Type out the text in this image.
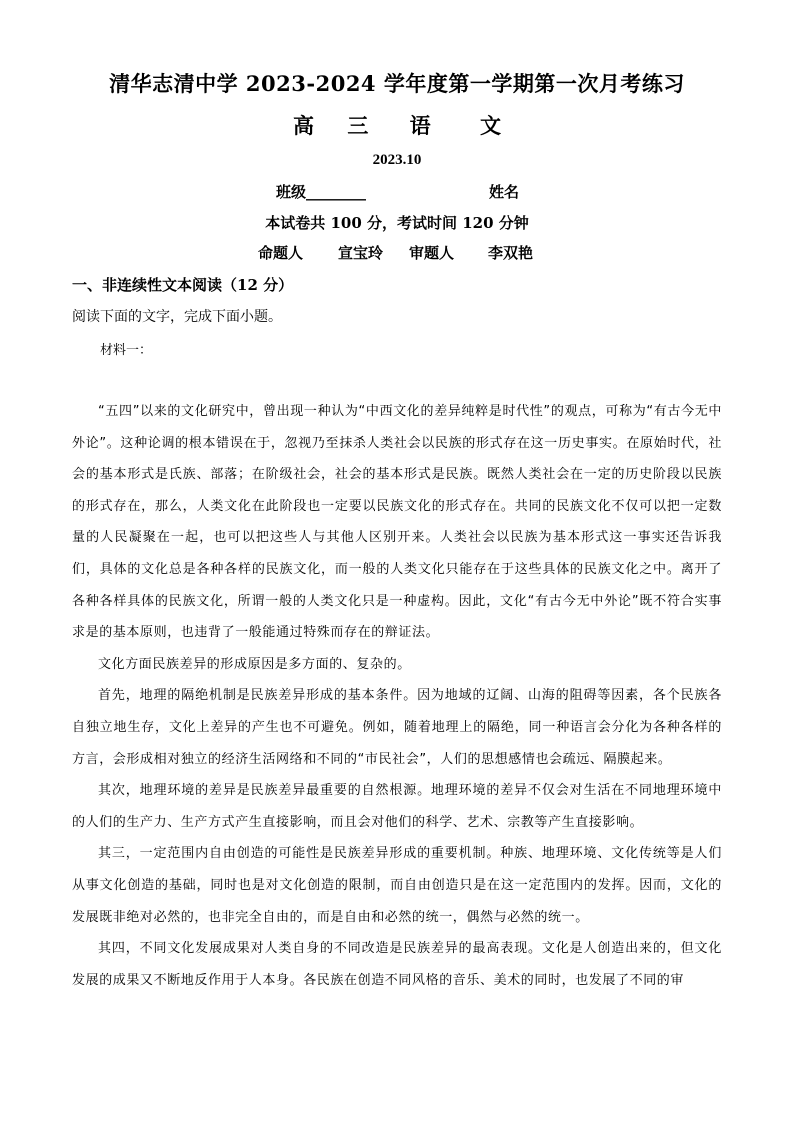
清华志清中学 2023-2024 学年度第一学期第一次月考练习
高 三 语 文
2023.10
班级________	姓名
本试卷共 100 分，考试时间 120 分钟
命题人 宣宝玲 审题人 李双艳
一、非连续性文本阅读（12 分）
阅读下面的文字，完成下面小题。
材料一：

“五四”以来的文化研究中，曾出现一种认为“中西文化的差异纯粹是时代性”的观点，可称为“有古今无中外论”。这种论调的根本错误在于，忽视乃至抹杀人类社会以民族的形式存在这一历史事实。在原始时代，社会的基本形式是氏族、部落；在阶级社会，社会的基本形式是民族。既然人类社会在一定的历史阶段以民族的形式存在，那么，人类文化在此阶段也一定要以民族文化的形式存在。共同的民族文化不仅可以把一定数量的人民凝聚在一起，也可以把这些人与其他人区别开来。人类社会以民族为基本形式这一事实还告诉我们，具体的文化总是各种各样的民族文化，而一般的人类文化只能存在于这些具体的民族文化之中。离开了各种各样具体的民族文化，所谓一般的人类文化只是一种虚构。因此，文化“有古今无中外论”既不符合实事求是的基本原则，也违背了一般能通过特殊而存在的辩证法。

文化方面民族差异的形成原因是多方面的、复杂的。

首先，地理的隔绝机制是民族差异形成的基本条件。因为地域的辽阔、山海的阻碍等因素，各个民族各自独立地生存，文化上差异的产生也不可避免。例如，随着地理上的隔绝，同一种语言会分化为各种各样的方言，会形成相对独立的经济生活网络和不同的“市民社会”，人们的思想感情也会疏远、隔膜起来。

其次，地理环境的差异是民族差异最重要的自然根源。地理环境的差异不仅会对生活在不同地理环境中的人们的生产力、生产方式产生直接影响，而且会对他们的科学、艺术、宗教等产生直接影响。

其三，一定范围内自由创造的可能性是民族差异形成的重要机制。种族、地理环境、文化传统等是人们从事文化创造的基础，同时也是对文化创造的限制，而自由创造只是在这一定范围内的发挥。因而，文化的发展既非绝对必然的，也非完全自由的，而是自由和必然的统一，偶然与必然的统一。

其四，不同文化发展成果对人类自身的不同改造是民族差异的最高表现。文化是人创造出来的，但文化发展的成果又不断地反作用于人本身。各民族在创造不同风格的音乐、美术的同时，也发展了不同的审
